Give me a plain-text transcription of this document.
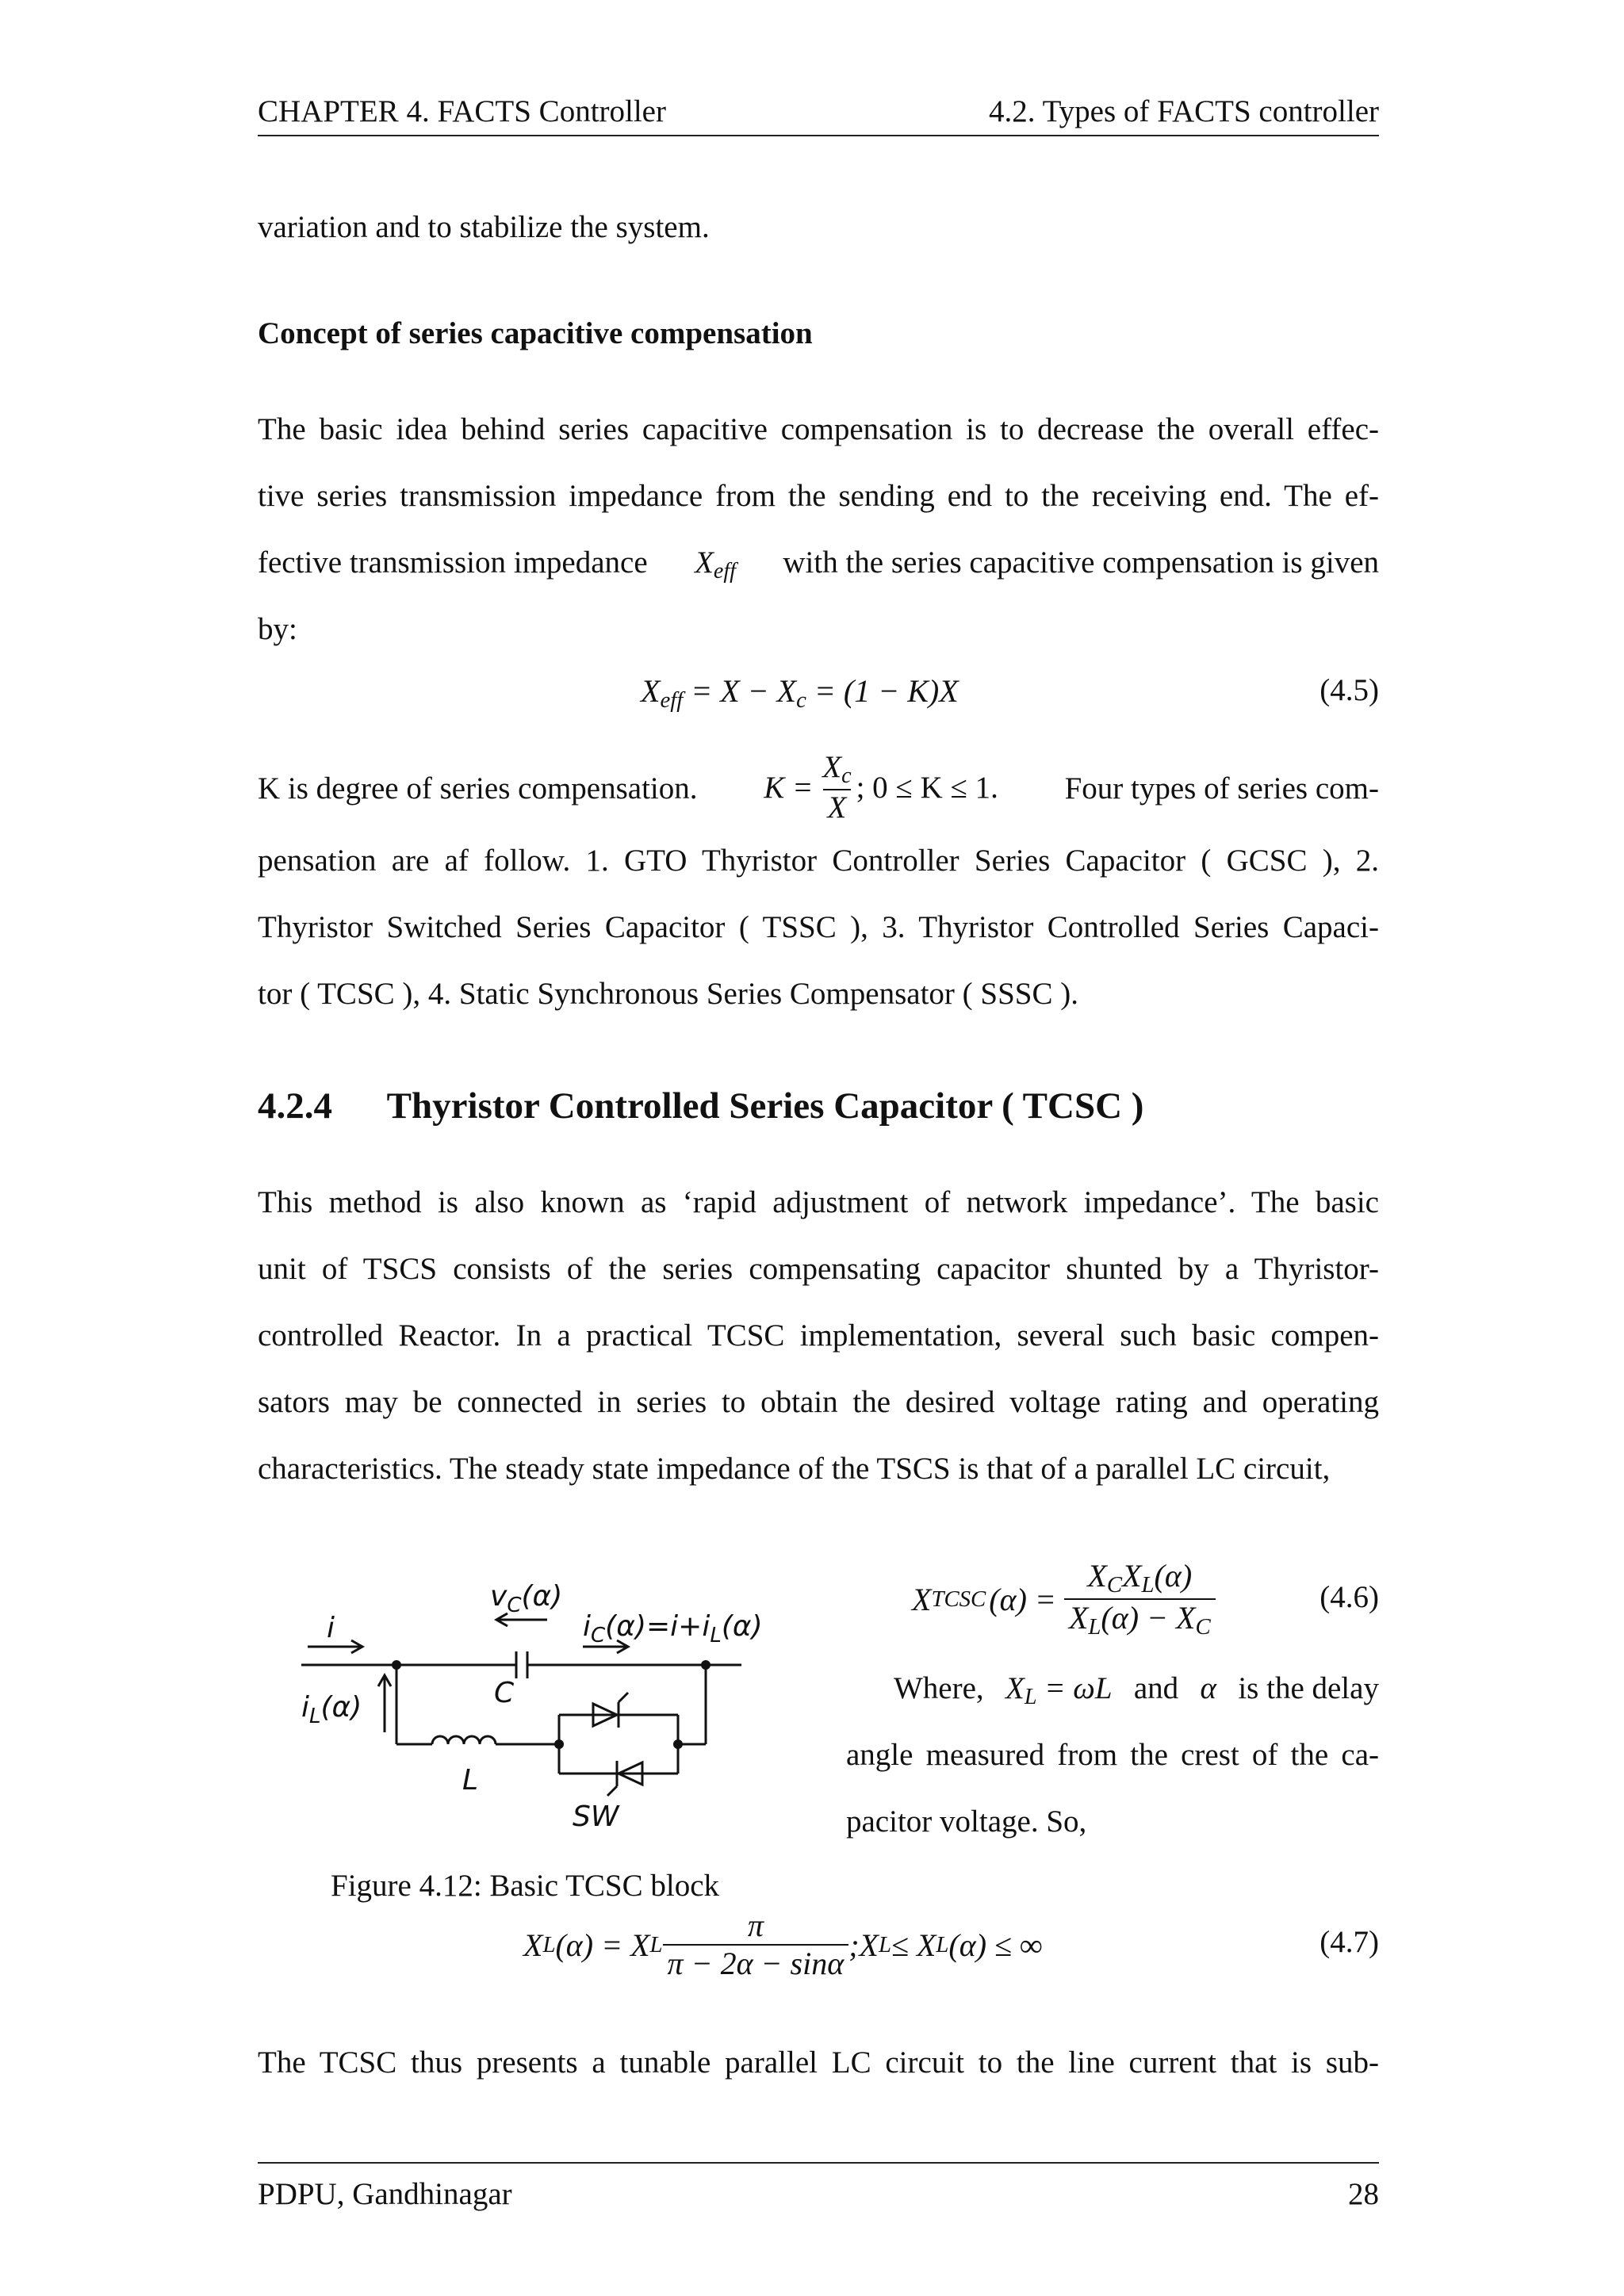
CHAPTER 4. FACTS Controller	4.2. Types of FACTS controller
variation and to stabilize the system.
Concept of series capacitive compensation
The basic idea behind series capacitive compensation is to decrease the overall effec-
tive series transmission impedance from the sending end to the receiving end. The ef-
fective transmission impedance $X_{eff}$ with the series capacitive compensation is given
by:
$X_{eff} = X - X_c = (1 - K)X$	(4.5)
K is degree of series compensation. $K = \frac{X_c}{X}$ ; 0 ≤ K ≤ 1. Four types of series com-
pensation are af follow. 1. GTO Thyristor Controller Series Capacitor ( GCSC ), 2.
Thyristor Switched Series Capacitor ( TSSC ), 3. Thyristor Controlled Series Capaci-
tor ( TCSC ), 4. Static Synchronous Series Compensator ( SSSC ).
4.2.4 Thyristor Controlled Series Capacitor ( TCSC )
This method is also known as ‘rapid adjustment of network impedance’. The basic
unit of TSCS consists of the series compensating capacitor shunted by a Thyristor-
controlled Reactor. In a practical TCSC implementation, several such basic compen-
sators may be connected in series to obtain the desired voltage rating and operating
characteristics. The steady state impedance of the TSCS is that of a parallel LC circuit,
$v_C(\alpha)$
i	$i_C(\alpha)=i+i_L(\alpha)$
$i_L(\alpha)$	C
L
SW
Figure 4.12: Basic TCSC block
X TCSC $(\alpha) = \frac{X_CX_L(\alpha)}{X_L(\alpha) - X_C}$	(4.6)
Where, $X_L = \omega L$ and α is the delay
angle measured from the crest of the ca-
pacitor voltage. So,
X L (α) = X L $\frac{\pi}{\pi - 2\alpha - \sin\alpha}$ ;X L ≤ X L (α) ≤ ∞	(4.7)
The TCSC thus presents a tunable parallel LC circuit to the line current that is sub-
PDPU, Gandhinagar	28
